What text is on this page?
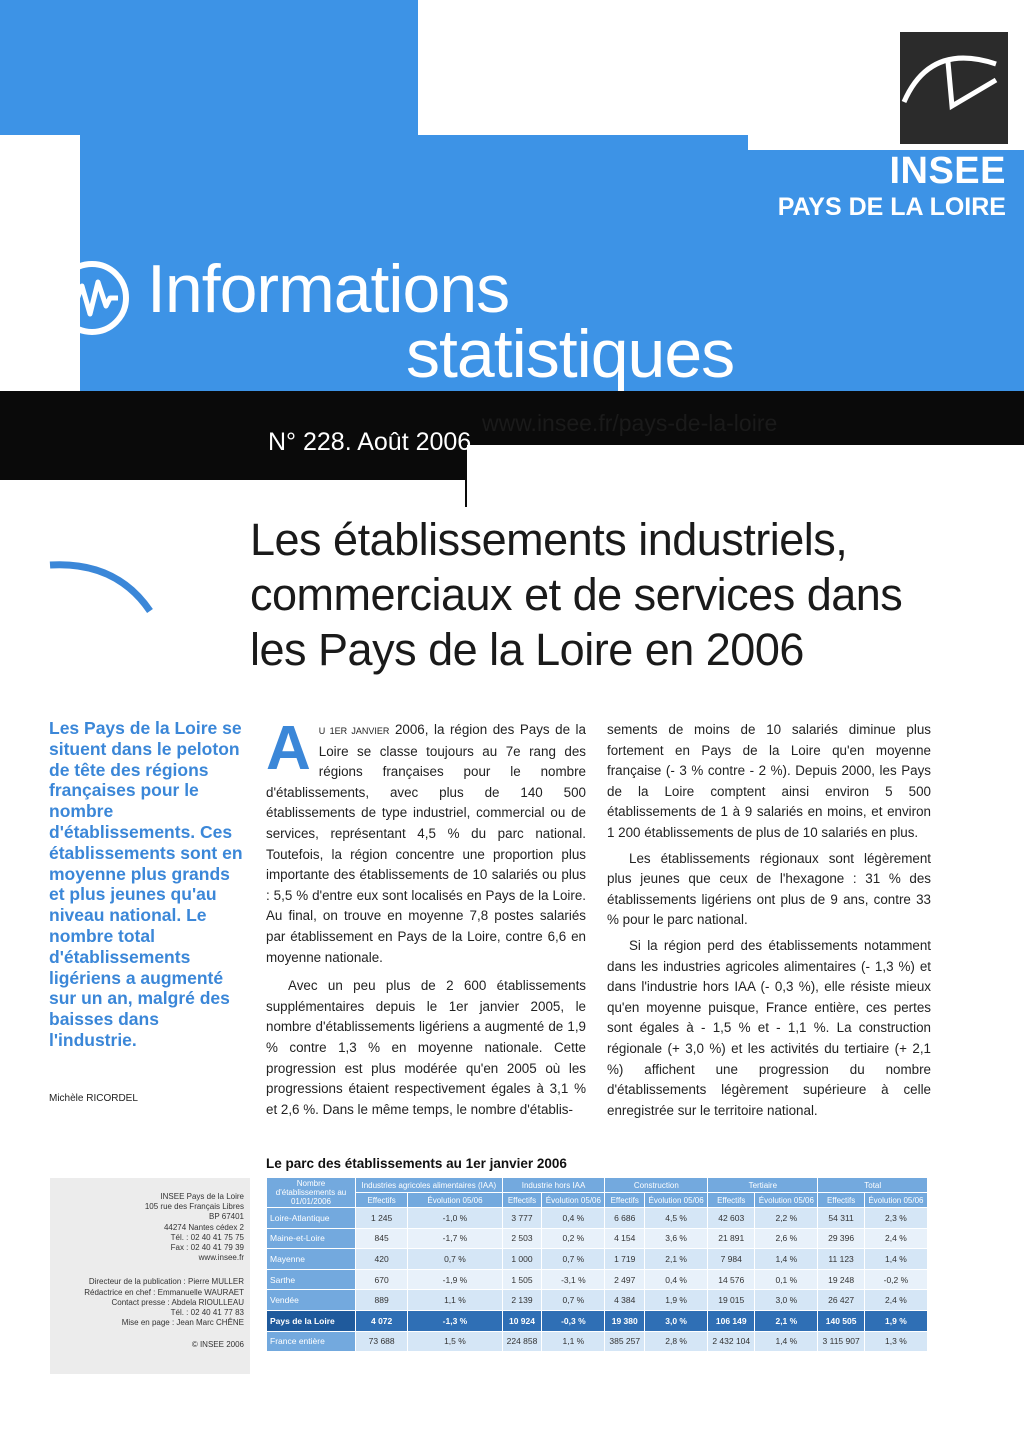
INSEE
PAYS DE LA LOIRE
Informations
statistiques
N° 228. Août 2006
www.insee.fr/pays-de-la-loire
Les établissements industriels, commerciaux et de services dans les Pays de la Loire en 2006
Les Pays de la Loire se situent dans le peloton de tête des régions françaises pour le nombre d'établissements. Ces établissements sont en moyenne plus grands et plus jeunes qu'au niveau national. Le nombre total d'établissements ligériens a augmenté sur un an, malgré des baisses dans l'industrie.
Michèle RICORDEL

A U 1ER JANVIER 2006, la région des Pays de la Loire se classe toujours au 7e rang des régions françaises pour le nombre d'établissements, avec plus de 140 500 établissements de type industriel, commercial ou de services, représentant 4,5 % du parc national. Toutefois, la région concentre une proportion plus importante des établissements de 10 salariés ou plus : 5,5 % d'entre eux sont localisés en Pays de la Loire. Au final, on trouve en moyenne 7,8 postes salariés par établissement en Pays de la Loire, contre 6,6 en moyenne nationale.

Avec un peu plus de 2 600 établissements supplémentaires depuis le 1er janvier 2005, le nombre d'établissements ligériens a augmenté de 1,9 % contre 1,3 % en moyenne nationale. Cette progression est plus modérée qu'en 2005 où les progressions étaient respectivement égales à 3,1 % et 2,6 %. Dans le même temps, le nombre d'établis-

sements de moins de 10 salariés diminue plus fortement en Pays de la Loire qu'en moyenne française (- 3 % contre - 2 %). Depuis 2000, les Pays de la Loire comptent ainsi environ 5 500 établissements de 1 à 9 salariés en moins, et environ 1 200 établissements de plus de 10 salariés en plus.

Les établissements régionaux sont légèrement plus jeunes que ceux de l'hexagone : 31 % des établissements ligériens ont plus de 9 ans, contre 33 % pour le parc national.

Si la région perd des établissements notamment dans les industries agricoles alimentaires (- 1,3 %) et dans l'industrie hors IAA (- 0,3 %), elle résiste mieux qu'en moyenne puisque, France entière, ces pertes sont égales à - 1,5 % et - 1,1 %. La construction régionale (+ 3,0 %) et les activités du tertiaire (+ 2,1 %) affichent une progression du nombre d'établissements légèrement supérieure à celle enregistrée sur le territoire national.

INSEE Pays de la Loire
105 rue des Français Libres
BP 67401
44274 Nantes cédex 2
Tél. : 02 40 41 75 75
Fax : 02 40 41 79 39
www.insee.fr

Directeur de la publication : Pierre MULLER
Rédactrice en chef : Emmanuelle WAURAET
Contact presse : Abdela RIOULLEAU
Tél. : 02 40 41 77 83
Mise en page : Jean Marc CHÊNE

© INSEE 2006

Le parc des établissements au 1er janvier 2006
Nombre d'établissements au 01/01/2006	Industries agricoles alimentaires (IAA)		Industrie hors IAA		Construction		Tertiaire		Total	
	Effectifs	Évolution 05/06	Effectifs	Évolution 05/06	Effectifs	Évolution 05/06	Effectifs	Évolution 05/06	Effectifs	Évolution 05/06
Loire-Atlantique	1 245	-1,0 %	3 777	0,4 %	6 686	4,5 %	42 603	2,2 %	54 311	2,3 %
Maine-et-Loire	845	-1,7 %	2 503	0,2 %	4 154	3,6 %	21 891	2,6 %	29 396	2,4 %
Mayenne	420	0,7 %	1 000	0,7 %	1 719	2,1 %	7 984	1,4 %	11 123	1,4 %
Sarthe	670	-1,9 %	1 505	-3,1 %	2 497	0,4 %	14 576	0,1 %	19 248	-0,2 %
Vendée	889	1,1 %	2 139	0,7 %	4 384	1,9 %	19 015	3,0 %	26 427	2,4 %
Pays de la Loire	4 072	-1,3 %	10 924	-0,3 %	19 380	3,0 %	106 149	2,1 %	140 505	1,9 %
France entière	73 688	1,5 %	224 858	1,1 %	385 257	2,8 %	2 432 104	1,4 %	3 115 907	1,3 %
